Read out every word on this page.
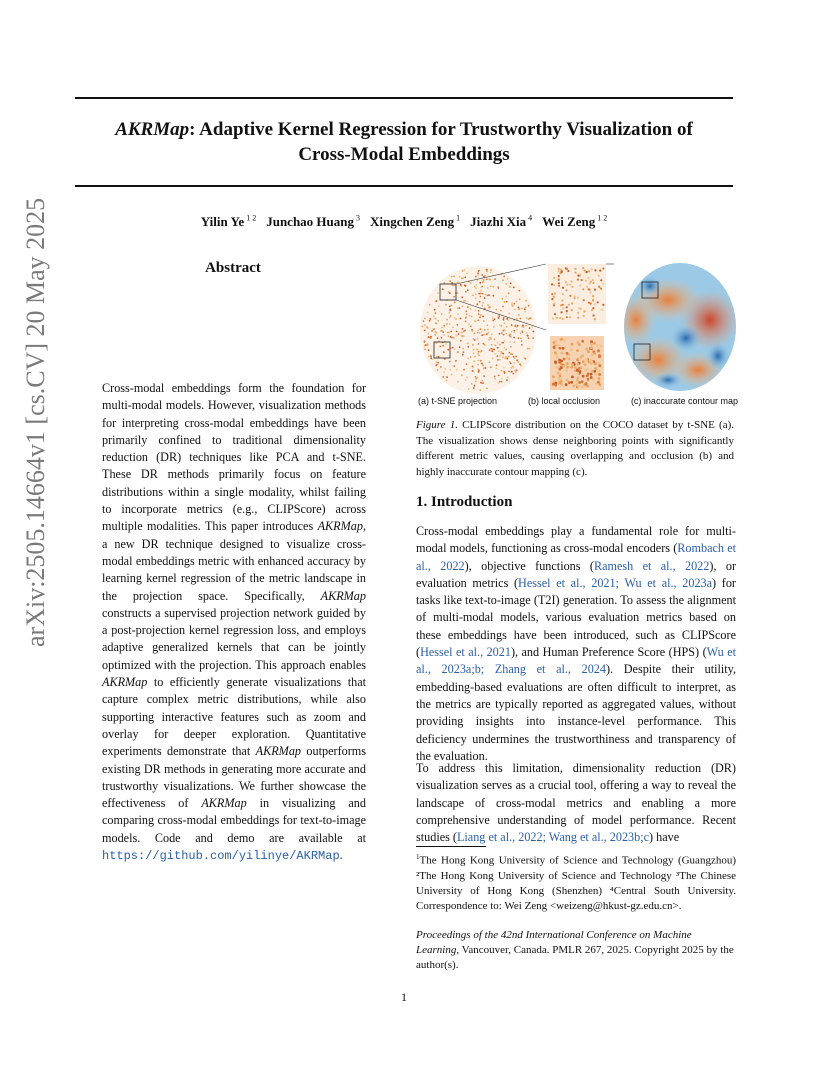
AKRMap: Adaptive Kernel Regression for Trustworthy Visualization of
Cross-Modal Embeddings
Yilin Ye $^{1 2}$ Junchao Huang $^3$ Xingchen Zeng $^1$ Jiazhi Xia $^4$ Wei Zeng $^{1 2}$
arXiv:2505.14664v1 [cs.CV] 20 May 2025	Abstract
Cross-modal embeddings form the foundation for multi-modal models. However, visualization methods for interpreting cross-modal embeddings have been primarily confined to traditional dimensionality reduction (DR) techniques like PCA and t-SNE. These DR methods primarily focus on feature distributions within a single modality, whilst failing to incorporate metrics (e.g., CLIPScore) across multiple modalities. This paper introduces AKRMap, a new DR technique designed to visualize cross-modal embeddings metric with enhanced accuracy by learning kernel regression of the metric landscape in the projection space. Specifically, AKRMap constructs a supervised projection network guided by a post-projection kernel regression loss, and employs adaptive generalized kernels that can be jointly optimized with the projection. This approach enables AKRMap to efficiently generate visualizations that capture complex metric distributions, while also supporting interactive features such as zoom and overlay for deeper exploration. Quantitative experiments demonstrate that AKRMap outperforms existing DR methods in generating more accurate and trustworthy visualizations. We further showcase the effectiveness of AKRMap in visualizing and comparing cross-modal embeddings for text-to-image models. Code and demo are available at https://github.com/yilinye/AKRMap.
(a) t-SNE projection	(b) local occlusion	(c) inaccurate contour map
Figure 1. CLIPScore distribution on the COCO dataset by t-SNE (a). The visualization shows dense neighboring points with significantly different metric values, causing overlapping and occlusion (b) and highly inaccurate contour mapping (c).
1. Introduction
Cross-modal embeddings play a fundamental role for multi-modal models, functioning as cross-modal encoders (Rombach et al., 2022), objective functions (Ramesh et al., 2022), or evaluation metrics (Hessel et al., 2021; Wu et al., 2023a) for tasks like text-to-image (T2I) generation. To assess the alignment of multi-modal models, various evaluation metrics based on these embeddings have been introduced, such as CLIPScore (Hessel et al., 2021), and Human Preference Score (HPS) (Wu et al., 2023a;b; Zhang et al., 2024). Despite their utility, embedding-based evaluations are often difficult to interpret, as the metrics are typically reported as aggregated values, without providing insights into instance-level performance. This deficiency undermines the trustworthiness and transparency of the evaluation.
To address this limitation, dimensionality reduction (DR) visualization serves as a crucial tool, offering a way to reveal the landscape of cross-modal metrics and enabling a more comprehensive understanding of model performance. Recent studies (Liang et al., 2022; Wang et al., 2023b;c) have
$^1$The Hong Kong University of Science and Technology (Guangzhou) ²The Hong Kong University of Science and Technology ³The Chinese University of Hong Kong (Shenzhen) ⁴Central South University. Correspondence to: Wei Zeng <weizeng@hkust-gz.edu.cn>.
Proceedings of the 42nd International Conference on Machine Learning, Vancouver, Canada. PMLR 267, 2025. Copyright 2025 by the author(s).
1
